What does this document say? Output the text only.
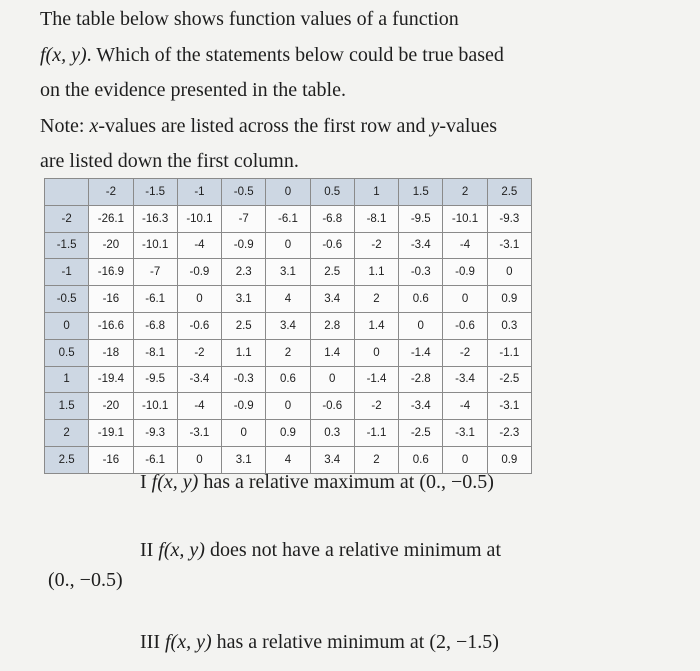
The table below shows function values of a function

f(x, y). Which of the statements below could be true based

on the evidence presented in the table.

Note: x-values are listed across the first row and y-values

are listed down the first column.

	-2	-1.5	-1	-0.5	0	0.5	1	1.5	2	2.5
-2	-26.1	-16.3	-10.1	-7	-6.1	-6.8	-8.1	-9.5	-10.1	-9.3
-1.5	-20	-10.1	-4	-0.9	0	-0.6	-2	-3.4	-4	-3.1
-1	-16.9	-7	-0.9	2.3	3.1	2.5	1.1	-0.3	-0.9	0
-0.5	-16	-6.1	0	3.1	4	3.4	2	0.6	0	0.9
0	-16.6	-6.8	-0.6	2.5	3.4	2.8	1.4	0	-0.6	0.3
0.5	-18	-8.1	-2	1.1	2	1.4	0	-1.4	-2	-1.1
1	-19.4	-9.5	-3.4	-0.3	0.6	0	-1.4	-2.8	-3.4	-2.5
1.5	-20	-10.1	-4	-0.9	0	-0.6	-2	-3.4	-4	-3.1
2	-19.1	-9.3	-3.1	0	0.9	0.3	-1.1	-2.5	-3.1	-2.3
2.5	-16	-6.1	0	3.1	4	3.4	2	0.6	0	0.9
I f(x, y) has a relative maximum at (0., −0.5)
II f(x, y) does not have a relative minimum at
(0., −0.5)
III f(x, y) has a relative minimum at (2, −1.5)
